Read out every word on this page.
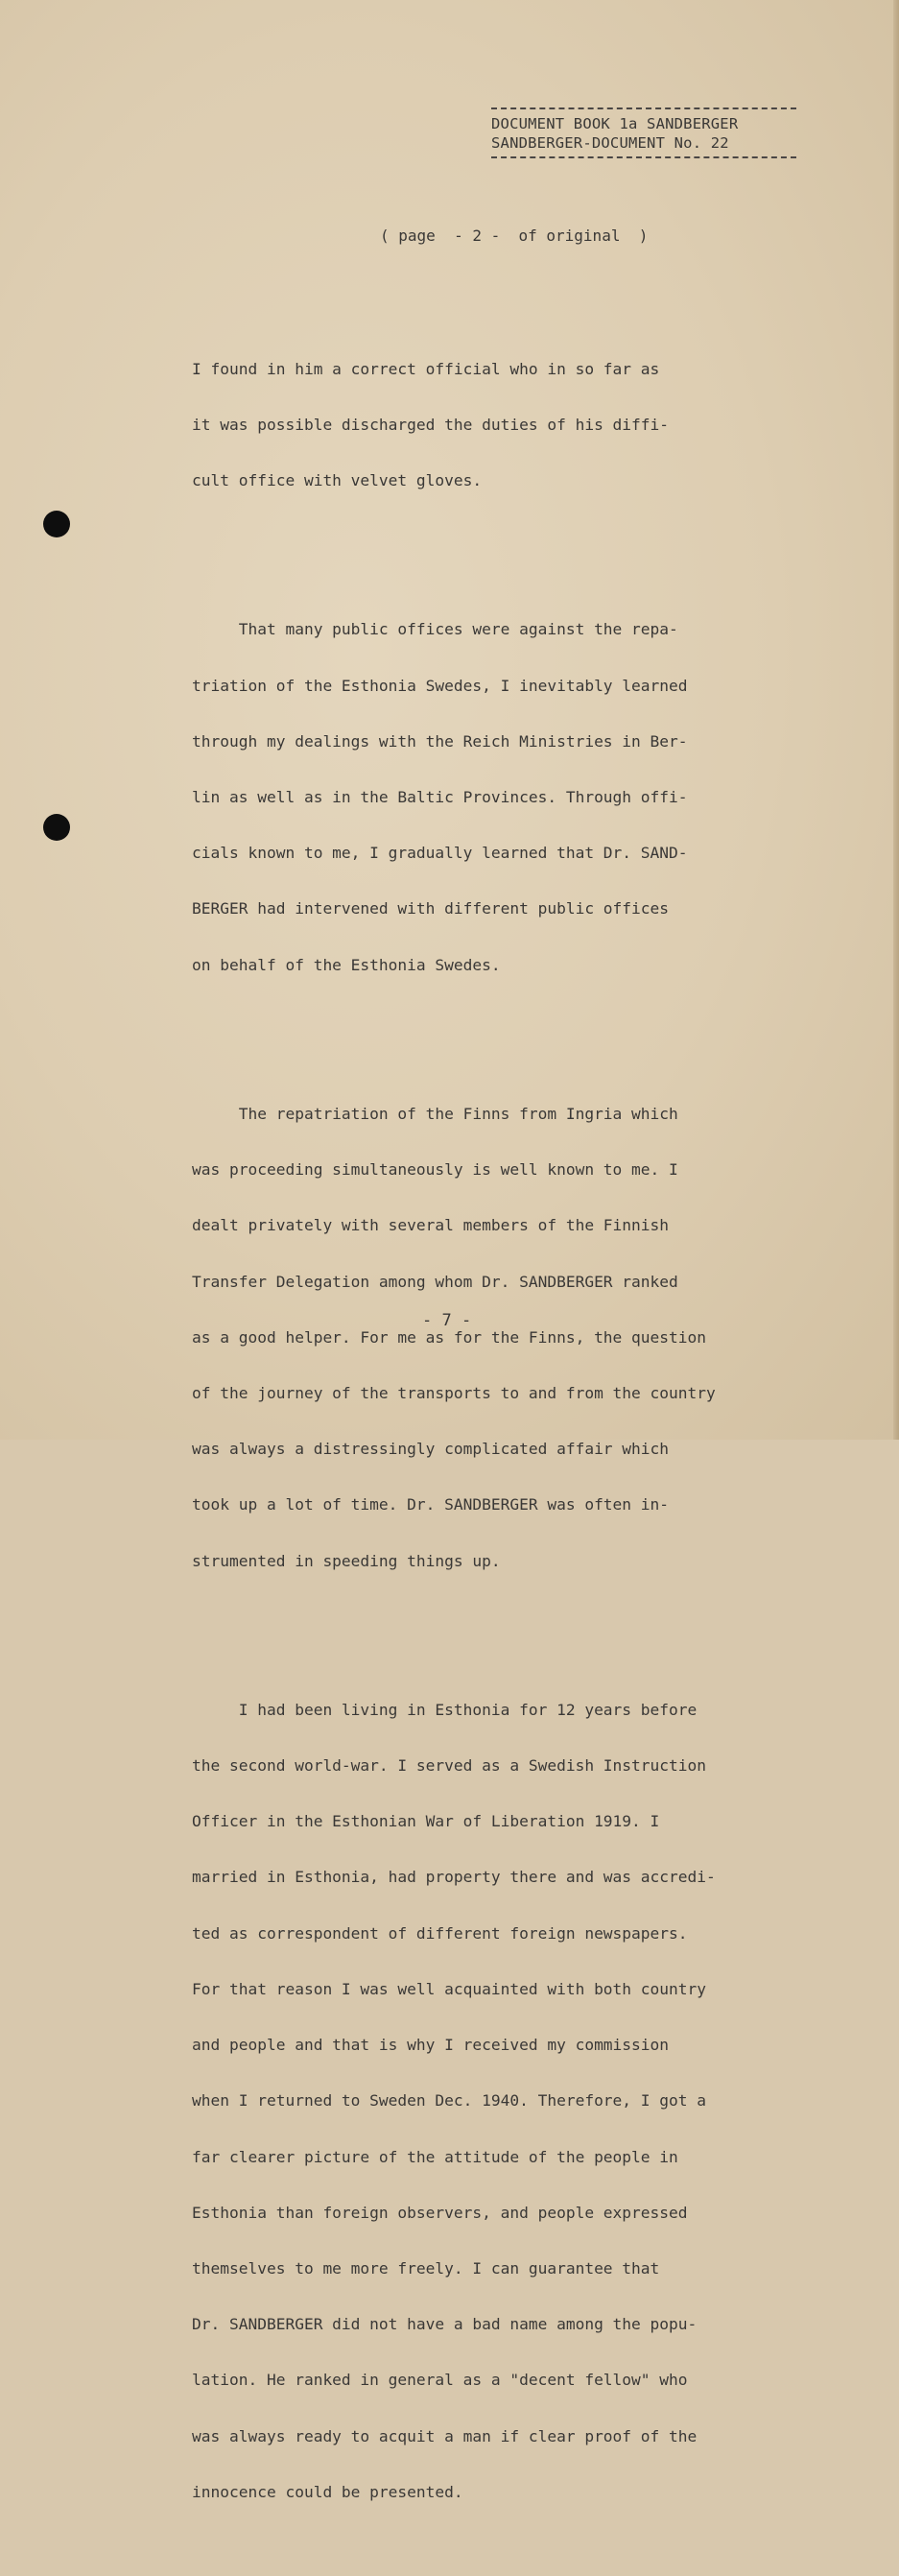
DOCUMENT BOOK 1a SANDBERGER
SANDBERGER-DOCUMENT No. 22
( page  - 2 -  of original  )

I found in him a correct official who in so far as

it was possible discharged the duties of his diffi-

cult office with velvet gloves.

That many public offices were against the repa-

triation of the Esthonia Swedes, I inevitably learned

through my dealings with the Reich Ministries in Ber-

lin as well as in the Baltic Provinces. Through offi-

cials known to me, I gradually learned that Dr. SAND-

BERGER had intervened with different public offices

on behalf of the Esthonia Swedes.

The repatriation of the Finns from Ingria which

was proceeding simultaneously is well known to me. I

dealt privately with several members of the Finnish

Transfer Delegation among whom Dr. SANDBERGER ranked

as a good helper. For me as for the Finns, the question

of the journey of the transports to and from the country

was always a distressingly complicated affair which

took up a lot of time. Dr. SANDBERGER was often in-

strumented in speeding things up.

I had been living in Esthonia for 12 years before

the second world-war. I served as a Swedish Instruction

Officer in the Esthonian War of Liberation 1919. I

married in Esthonia, had property there and was accredi-

ted as correspondent of different foreign newspapers.

For that reason I was well acquainted with both country

and people and that is why I received my commission

when I returned to Sweden Dec. 1940. Therefore, I got a

far clearer picture of the attitude of the people in

Esthonia than foreign observers, and people expressed

themselves to me more freely. I can guarantee that

Dr. SANDBERGER did not have a bad name among the popu-

lation. He ranked in general as a "decent fellow" who

was always ready to acquit a man if clear proof of the

innocence could be presented.

- 7 -
